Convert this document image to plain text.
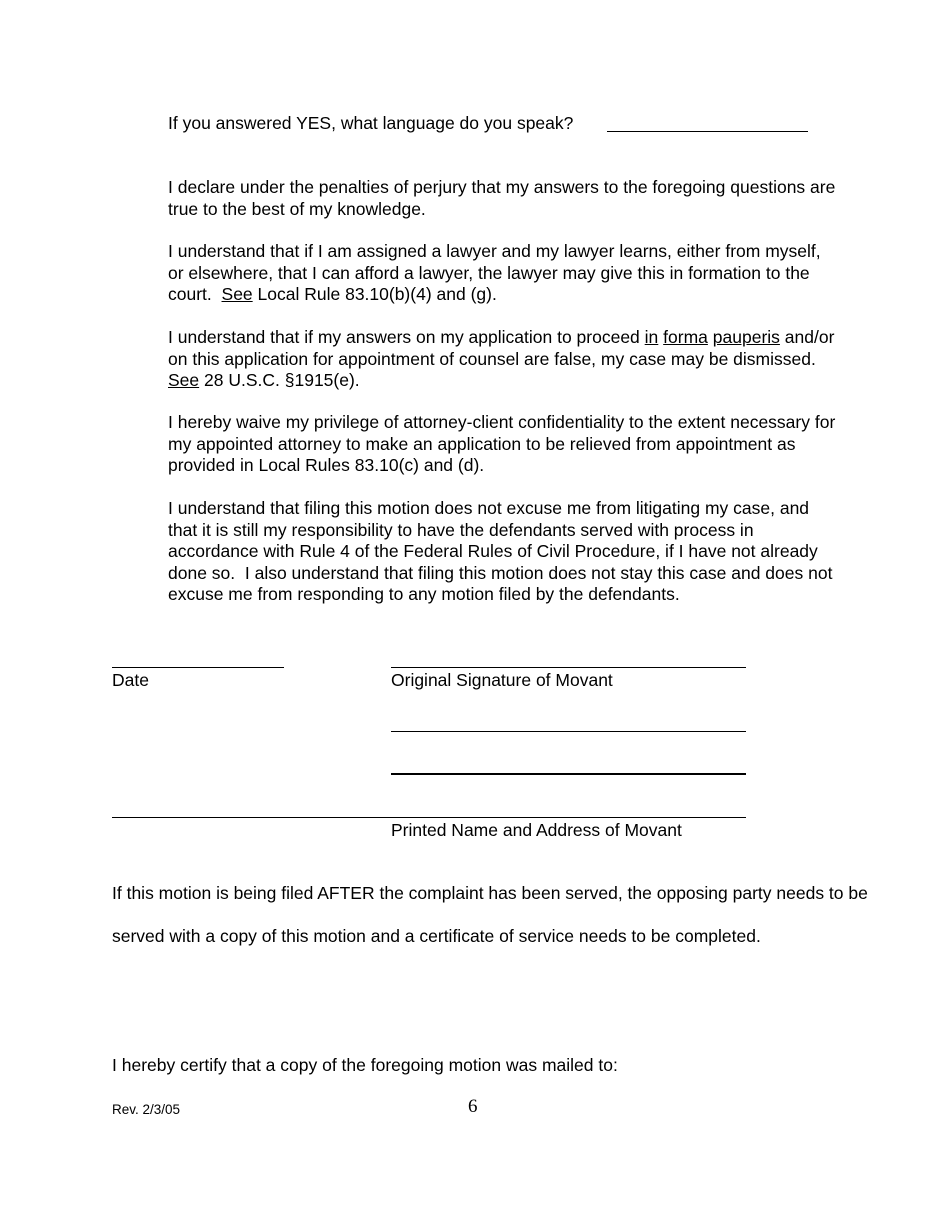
If you answered YES, what language do you speak?

I declare under the penalties of perjury that my answers to the foregoing questions are true to the best of my knowledge.

I understand that if I am assigned a lawyer and my lawyer learns, either from myself, or elsewhere, that I can afford a lawyer, the lawyer may give this in formation to the court. See Local Rule 83.10(b)(4) and (g).

I understand that if my answers on my application to proceed in forma pauperis and/or on this application for appointment of counsel are false, my case may be dismissed.  See 28 U.S.C. §1915(e).

I hereby waive my privilege of attorney-client confidentiality to the extent necessary for my appointed attorney to make an application to be relieved from appointment as provided in Local Rules 83.10(c) and (d).

I understand that filing this motion does not excuse me from litigating my case, and that it is still my responsibility to have the defendants served with process in accordance with Rule 4 of the Federal Rules of Civil Procedure, if I have not already done so.  I also understand that filing this motion does not stay this case and does not excuse me from responding to any motion filed by the defendants.

Date	Original Signature of Movant
Printed Name and Address of Movant
If this motion is being filed AFTER the complaint has been served, the opposing party needs to be served with a copy of this motion and a certificate of service needs to be completed.
I hereby certify that a copy of the foregoing motion was mailed to:
Rev. 2/3/05	6
